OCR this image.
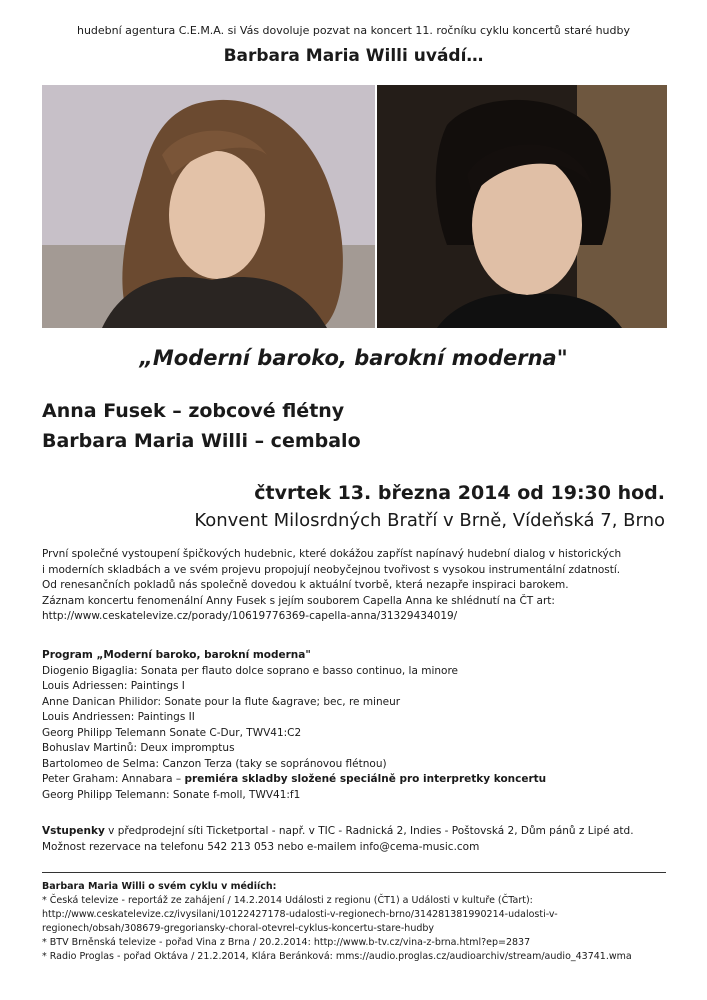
hudební agentura C.E.M.A. si Vás dovoluje pozvat na koncert 11. ročníku cyklu koncertů staré hudby
Barbara Maria Willi uvádí…
„Moderní baroko, barokní moderna"
Anna Fusek – zobcové flétny
Barbara Maria Willi – cembalo
čtvrtek 13. března 2014 od 19:30 hod.
Konvent Milosrdných Bratří v Brně, Vídeňská 7, Brno
První společné vystoupení špičkových hudebnic, které dokážou zapříst napínavý hudební dialog v historických
i moderních skladbách a ve svém projevu propojují neobyčejnou tvořivost s vysokou instrumentální zdatností.
Od renesančních pokladů nás společně dovedou k aktuální tvorbě, která nezapře inspiraci barokem.
Záznam koncertu fenomenální Anny Fusek s jejím souborem Capella Anna ke shlédnutí na ČT art:
http://www.ceskatelevize.cz/porady/10619776369-capella-anna/31329434019/
Program „Moderní baroko, barokní moderna"
Diogenio Bigaglia: Sonata per flauto dolce soprano e basso continuo, la minore
Louis Adriessen: Paintings I
Anne Danican Philidor: Sonate pour la flute &agrave; bec, re mineur
Louis Andriessen: Paintings II
Georg Philipp Telemann Sonate C-Dur, TWV41:C2
Bohuslav Martinů: Deux impromptus
Bartolomeo de Selma: Canzon Terza (taky se sopránovou flétnou)
Peter Graham: Annabara – premiéra skladby složené speciálně pro interpretky koncertu
Georg Philipp Telemann: Sonate f-moll, TWV41:f1
Vstupenky v předprodejní síti Ticketportal - např. v TIC - Radnická 2, Indies - Poštovská 2, Dům pánů z Lipé atd.
Možnost rezervace na telefonu 542 213 053 nebo e-mailem info@cema-music.com
Barbara Maria Willi o svém cyklu v médiích:
* Česká televize - reportáž ze zahájení / 14.2.2014 Události z regionu (ČT1) a Události v kultuře (ČTart):
http://www.ceskatelevize.cz/ivysilani/10122427178-udalosti-v-regionech-brno/314281381990214-udalosti-v-
regionech/obsah/308679-gregoriansky-choral-otevrel-cyklus-koncertu-stare-hudby
* BTV Brněnská televize - pořad Vina z Brna / 20.2.2014: http://www.b-tv.cz/vina-z-brna.html?ep=2837
* Radio Proglas - pořad Oktáva / 21.2.2014, Klára Beránková: mms://audio.proglas.cz/audioarchiv/stream/audio_43741.wma
